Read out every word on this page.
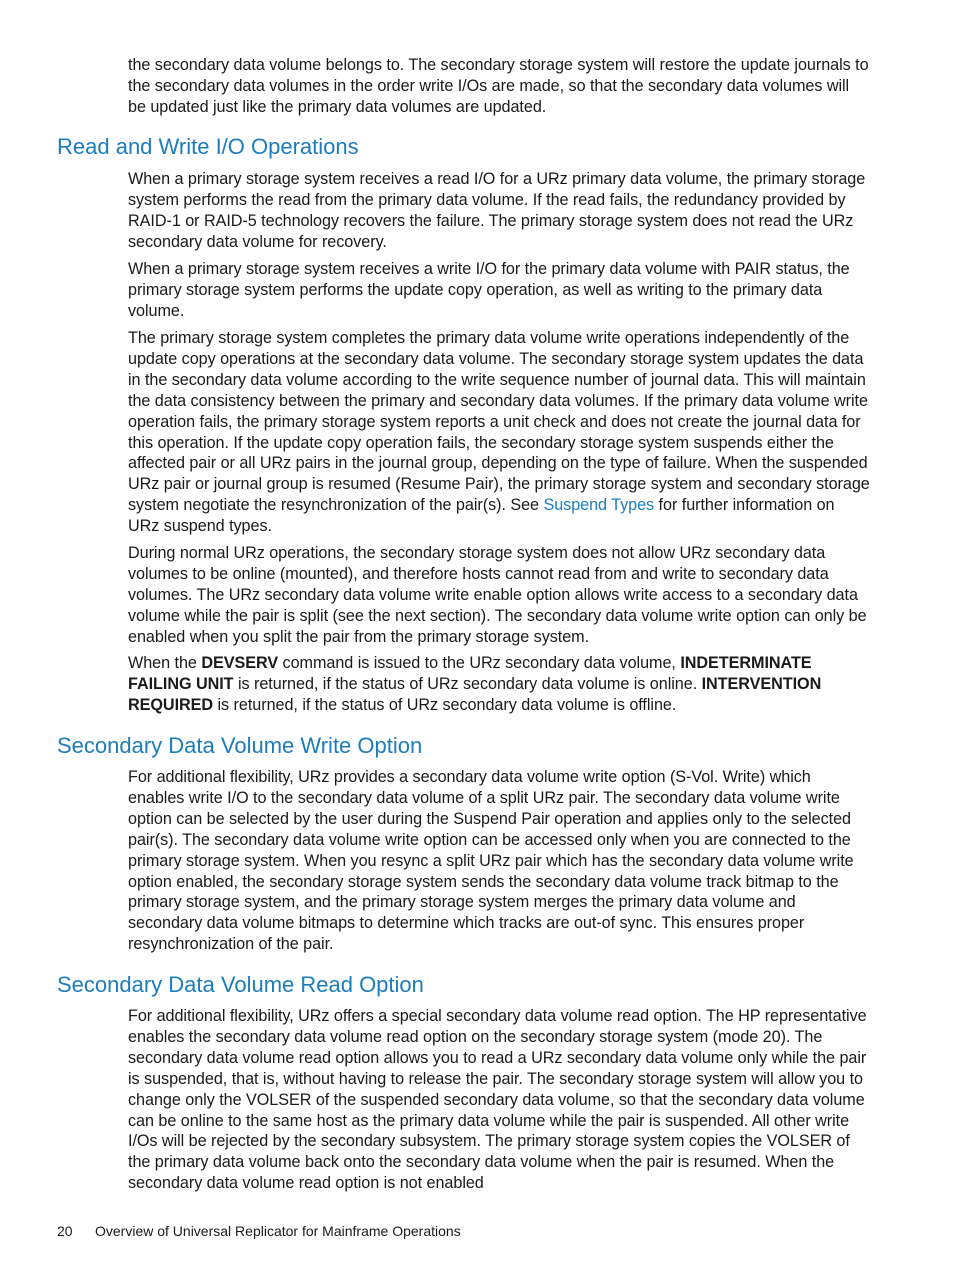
the secondary data volume belongs to. The secondary storage system will restore the update journals to the secondary data volumes in the order write I/Os are made, so that the secondary data volumes will be updated just like the primary data volumes are updated.

Read and Write I/O Operations

When a primary storage system receives a read I/O for a URz primary data volume, the primary storage system performs the read from the primary data volume. If the read fails, the redundancy provided by RAID-1 or RAID-5 technology recovers the failure. The primary storage system does not read the URz secondary data volume for recovery.

When a primary storage system receives a write I/O for the primary data volume with PAIR status, the primary storage system performs the update copy operation, as well as writing to the primary data volume.

The primary storage system completes the primary data volume write operations independently of the update copy operations at the secondary data volume. The secondary storage system updates the data in the secondary data volume according to the write sequence number of journal data. This will maintain the data consistency between the primary and secondary data volumes. If the primary data volume write operation fails, the primary storage system reports a unit check and does not create the journal data for this operation. If the update copy operation fails, the secondary storage system suspends either the affected pair or all URz pairs in the journal group, depending on the type of failure. When the suspended URz pair or journal group is resumed (Resume Pair), the primary storage system and secondary storage system negotiate the resynchronization of the pair(s). See Suspend Types for further information on URz suspend types.

During normal URz operations, the secondary storage system does not allow URz secondary data volumes to be online (mounted), and therefore hosts cannot read from and write to secondary data volumes. The URz secondary data volume write enable option allows write access to a secondary data volume while the pair is split (see the next section). The secondary data volume write option can only be enabled when you split the pair from the primary storage system.

When the DEVSERV command is issued to the URz secondary data volume, INDETERMINATE FAILING UNIT is returned, if the status of URz secondary data volume is online. INTERVENTION REQUIRED is returned, if the status of URz secondary data volume is offline.

Secondary Data Volume Write Option

For additional flexibility, URz provides a secondary data volume write option (S-Vol. Write) which enables write I/O to the secondary data volume of a split URz pair. The secondary data volume write option can be selected by the user during the Suspend Pair operation and applies only to the selected pair(s). The secondary data volume write option can be accessed only when you are connected to the primary storage system. When you resync a split URz pair which has the secondary data volume write option enabled, the secondary storage system sends the secondary data volume track bitmap to the primary storage system, and the primary storage system merges the primary data volume and secondary data volume bitmaps to determine which tracks are out-of sync. This ensures proper resynchronization of the pair.

Secondary Data Volume Read Option

For additional flexibility, URz offers a special secondary data volume read option. The HP representative enables the secondary data volume read option on the secondary storage system (mode 20). The secondary data volume read option allows you to read a URz secondary data volume only while the pair is suspended, that is, without having to release the pair. The secondary storage system will allow you to change only the VOLSER of the suspended secondary data volume, so that the secondary data volume can be online to the same host as the primary data volume while the pair is suspended. All other write I/Os will be rejected by the secondary subsystem. The primary storage system copies the VOLSER of the primary data volume back onto the secondary data volume when the pair is resumed. When the secondary data volume read option is not enabled

20 Overview of Universal Replicator for Mainframe Operations
